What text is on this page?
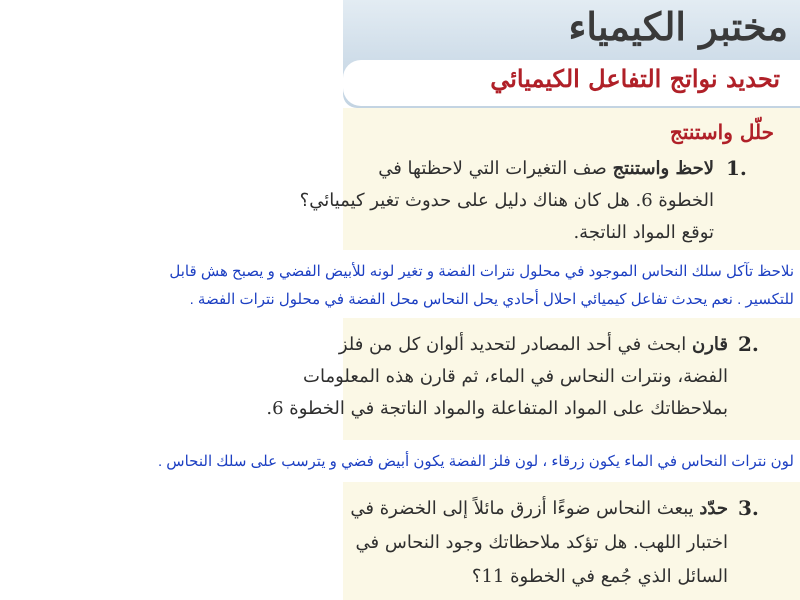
مختبر الكيمياء
تحديد نواتج التفاعل الكيميائي
حلّل واستنتج
1.
لاحظ واستنتج صف التغيرات التي لاحظتها في
الخطوة 6. هل كان هناك دليل على حدوث تغير كيميائي؟
توقع المواد الناتجة.
نلاحظ تآكل سلك النحاس الموجود في محلول نترات الفضة و تغير لونه للأبيض الفضي و يصبح هش قابل
للتكسير . نعم يحدث تفاعل كيميائي احلال أحادي يحل النحاس محل الفضة في محلول نترات الفضة .
2.
قارن ابحث في أحد المصادر لتحديد ألوان كل من فلز
الفضة، ونترات النحاس في الماء، ثم قارن هذه المعلومات
بملاحظاتك على المواد المتفاعلة والمواد الناتجة في الخطوة 6.
لون نترات النحاس في الماء يكون زرقاء ، لون فلز الفضة يكون أبيض فضي و يترسب على سلك النحاس .
3.
حدّد يبعث النحاس ضوءًا أزرق مائلاً إلى الخضرة في
اختبار اللهب. هل تؤكد ملاحظاتك وجود النحاس في
السائل الذي جُمع في الخطوة 11؟
